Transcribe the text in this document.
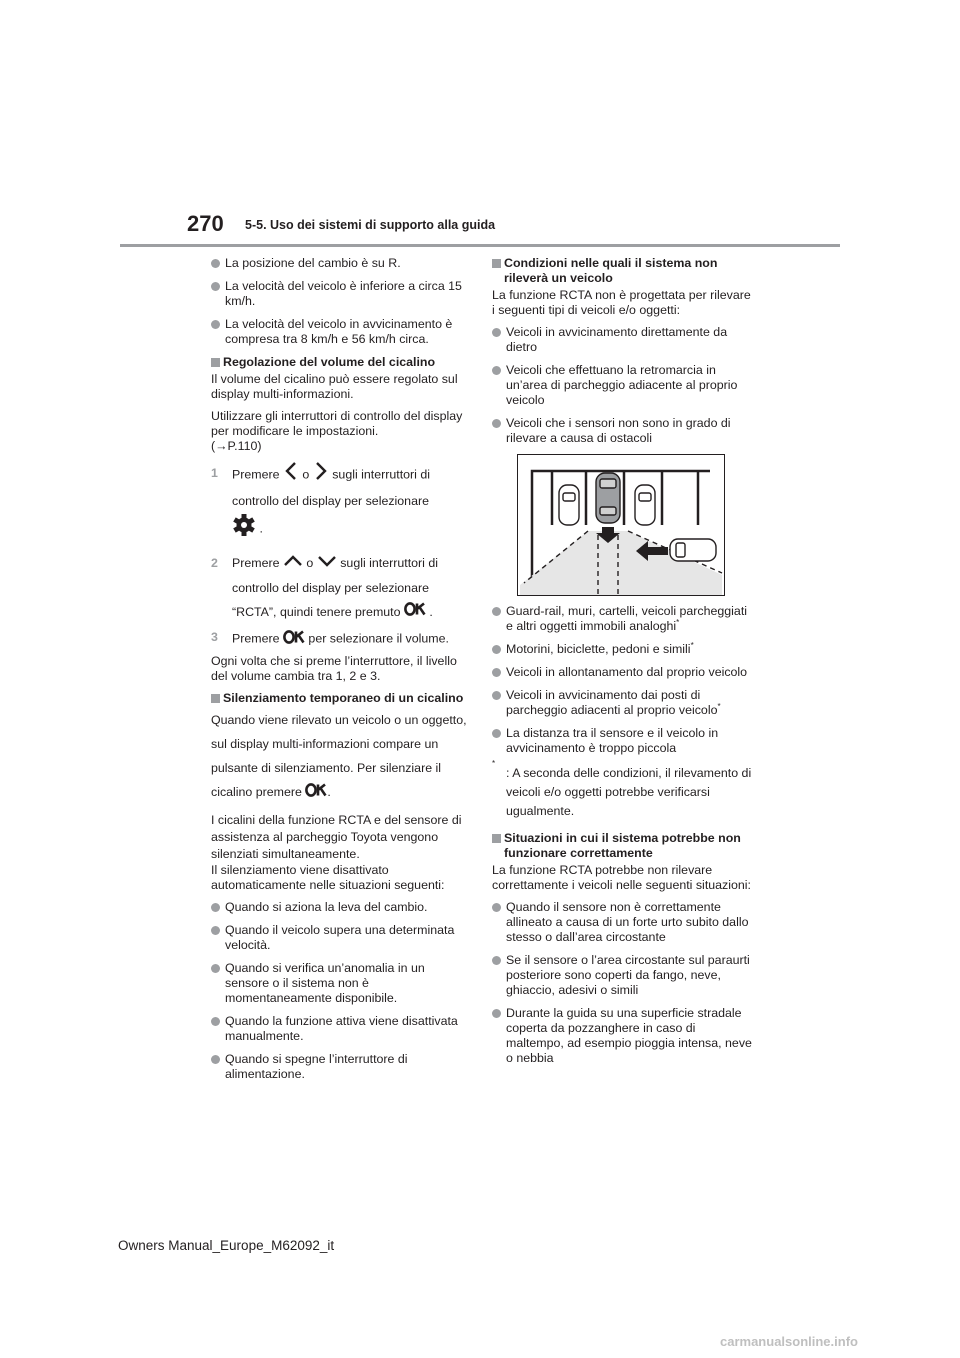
270 5-5. Uso dei sistemi di supporto alla guida
La posizione del cambio è su R.
La velocità del veicolo è inferiore a circa 15 km/h.
La velocità del veicolo in avvicinamento è compresa tra 8 km/h e 56 km/h circa.
Regolazione del volume del cicalino
Il volume del cicalino può essere regolato sul display multi-informazioni.
Utilizzare gli interruttori di controllo del display per modificare le impostazioni.
(→P.110)
1 Premere o sugli interruttori di controllo del display per selezionare
.
2 Premere o sugli interruttori di controllo del display per selezionare “RCTA”, quindi tenere premuto .
3 Premere per selezionare il volume.
Ogni volta che si preme l’interruttore, il livello del volume cambia tra 1, 2 e 3.
Silenziamento temporaneo di un cicalino
Quando viene rilevato un veicolo o un oggetto, sul display multi-informazioni compare un pulsante di silenziamento. Per silenziare il cicalino premere .
I cicalini della funzione RCTA e del sensore di assistenza al parcheggio Toyota vengono silenziati simultaneamente.
Il silenziamento viene disattivato automaticamente nelle situazioni seguenti:
Quando si aziona la leva del cambio.
Quando il veicolo supera una determinata velocità.
Quando si verifica un’anomalia in un sensore o il sistema non è momentaneamente disponibile.
Quando la funzione attiva viene disattivata manualmente.
Quando si spegne l’interruttore di alimentazione.
Condizioni nelle quali il sistema non rileverà un veicolo
La funzione RCTA non è progettata per rilevare i seguenti tipi di veicoli e/o oggetti:
Veicoli in avvicinamento direttamente da dietro
Veicoli che effettuano la retromarcia in un’area di parcheggio adiacente al proprio veicolo
Veicoli che i sensori non sono in grado di rilevare a causa di ostacoli
Guard-rail, muri, cartelli, veicoli parcheggiati e altri oggetti immobili analoghi*
Motorini, biciclette, pedoni e simili*
Veicoli in allontanamento dal proprio veicolo
Veicoli in avvicinamento dai posti di parcheggio adiacenti al proprio veicolo*
La distanza tra il sensore e il veicolo in avvicinamento è troppo piccola
*
: A seconda delle condizioni, il rilevamento di veicoli e/o oggetti potrebbe verificarsi ugualmente.
Situazioni in cui il sistema potrebbe non funzionare correttamente
La funzione RCTA potrebbe non rilevare correttamente i veicoli nelle seguenti situazioni:
Quando il sensore non è correttamente allineato a causa di un forte urto subito dallo stesso o dall’area circostante
Se il sensore o l’area circostante sul paraurti posteriore sono coperti da fango, neve, ghiaccio, adesivi o simili
Durante la guida su una superficie stradale coperta da pozzanghere in caso di maltempo, ad esempio pioggia intensa, neve o nebbia
Owners Manual_Europe_M62092_it
carmanualsonline.info
